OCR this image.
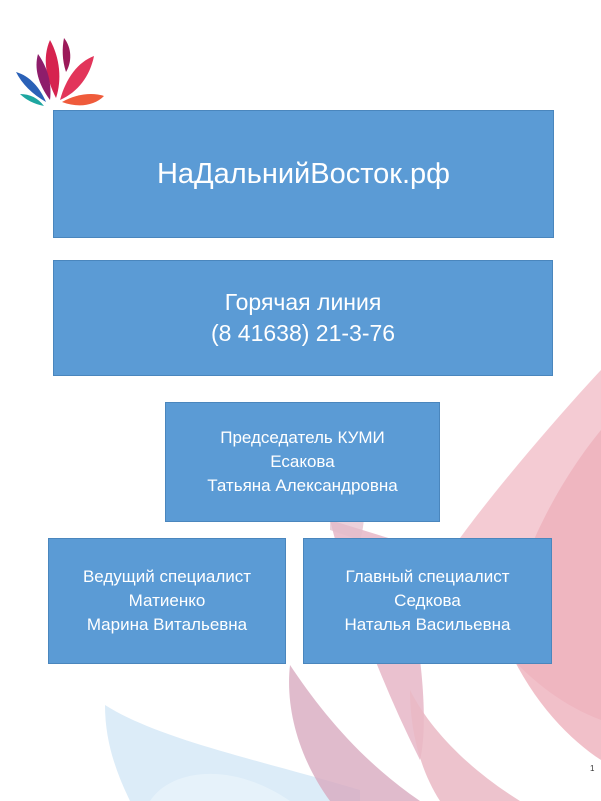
НаДальнийВосток.рф
Горячая линия
(8 41638) 21-3-76
Председатель КУМИ
Есакова
Татьяна Александровна
Ведущий специалист
Матиенко
Марина Витальевна
Главный специалист
Седкова
Наталья Васильевна
1
